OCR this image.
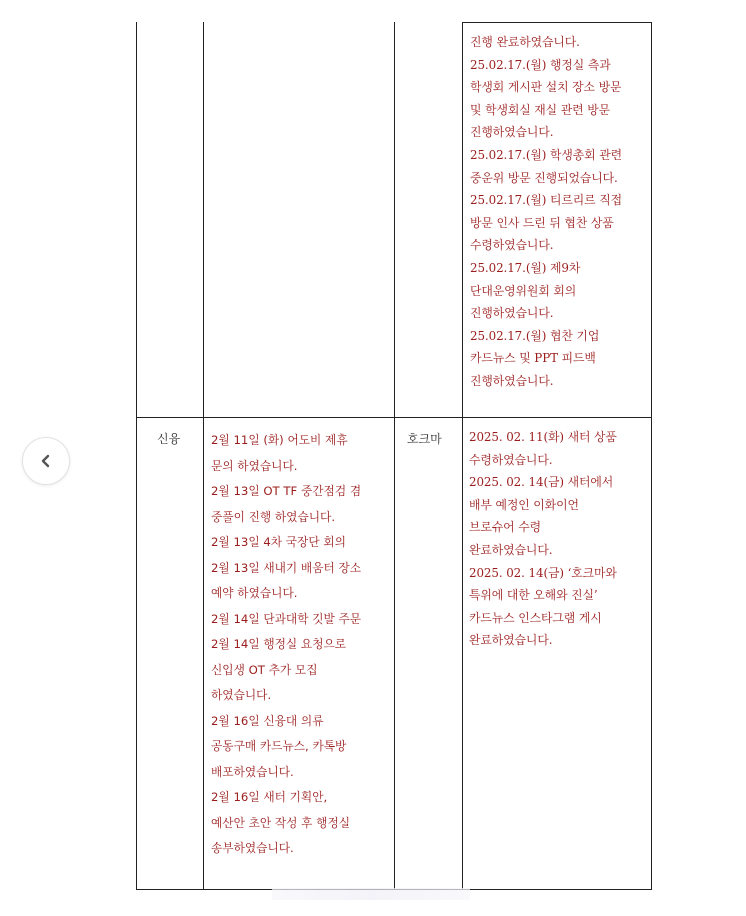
진행 완료하였습니다.
25.02.17.(월) 행정실 측과
학생회 게시판 설치 장소 방문
및 학생회실 재실 관련 방문
진행하였습니다.
25.02.17.(월) 학생총회 관련
중운위 방문 진행되었습니다.
25.02.17.(월) 티르리르 직접
방문 인사 드린 뒤 협찬 상품
수령하였습니다.
25.02.17.(월) 제9차
단대운영위원회 회의
진행하였습니다.
25.02.17.(월) 협찬 기업
카드뉴스 및 PPT 피드백
진행하였습니다.
신융	2월 11일 (화) 어도비 제휴
문의 하였습니다.
2월 13일 OT TF 중간점검 겸
중풀이 진행 하였습니다.
2월 13일 4차 국장단 회의
2월 13일 새내기 배움터 장소
예약 하였습니다.
2월 14일 단과대학 깃발 주문
2월 14일 행정실 요청으로
신입생 OT 추가 모집
하였습니다.
2월 16일 신융대 의류
공동구매 카드뉴스, 카톡방
배포하였습니다.
2월 16일 새터 기획안,
예산안 초안 작성 후 행정실
송부하였습니다.
호크마 2025. 02. 11(화) 새터 상품
수령하였습니다.
2025. 02. 14(금) 새터에서
배부 예정인 이화이언
브로슈어 수령
완료하였습니다.
2025. 02. 14(금) ‘호크마와
특위에 대한 오해와 진실’
카드뉴스 인스타그램 게시
완료하였습니다.
